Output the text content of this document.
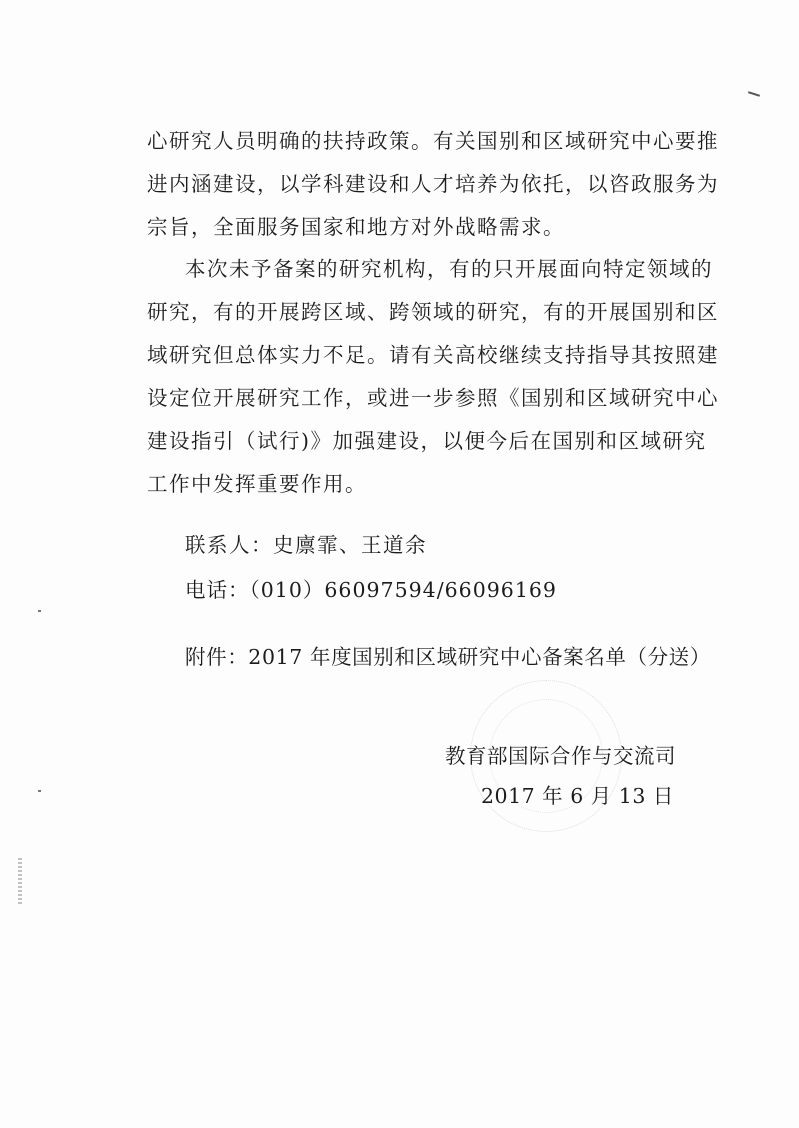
心研究人员明确的扶持政策。有关国别和区域研究中心要推
进内涵建设，以学科建设和人才培养为依托，以咨政服务为
宗旨，全面服务国家和地方对外战略需求。
本次未予备案的研究机构，有的只开展面向特定领域的
研究，有的开展跨区域、跨领域的研究，有的开展国别和区
域研究但总体实力不足。请有关高校继续支持指导其按照建
设定位开展研究工作，或进一步参照《国别和区域研究中心
建设指引（试行)》加强建设，以便今后在国别和区域研究
工作中发挥重要作用。
联系人：史廪霏、王道余
电话：（010）66097594/66096169
附件：2017 年度国别和区域研究中心备案名单（分送）
教育部国际合作与交流司
2017 年 6 月 13 日
